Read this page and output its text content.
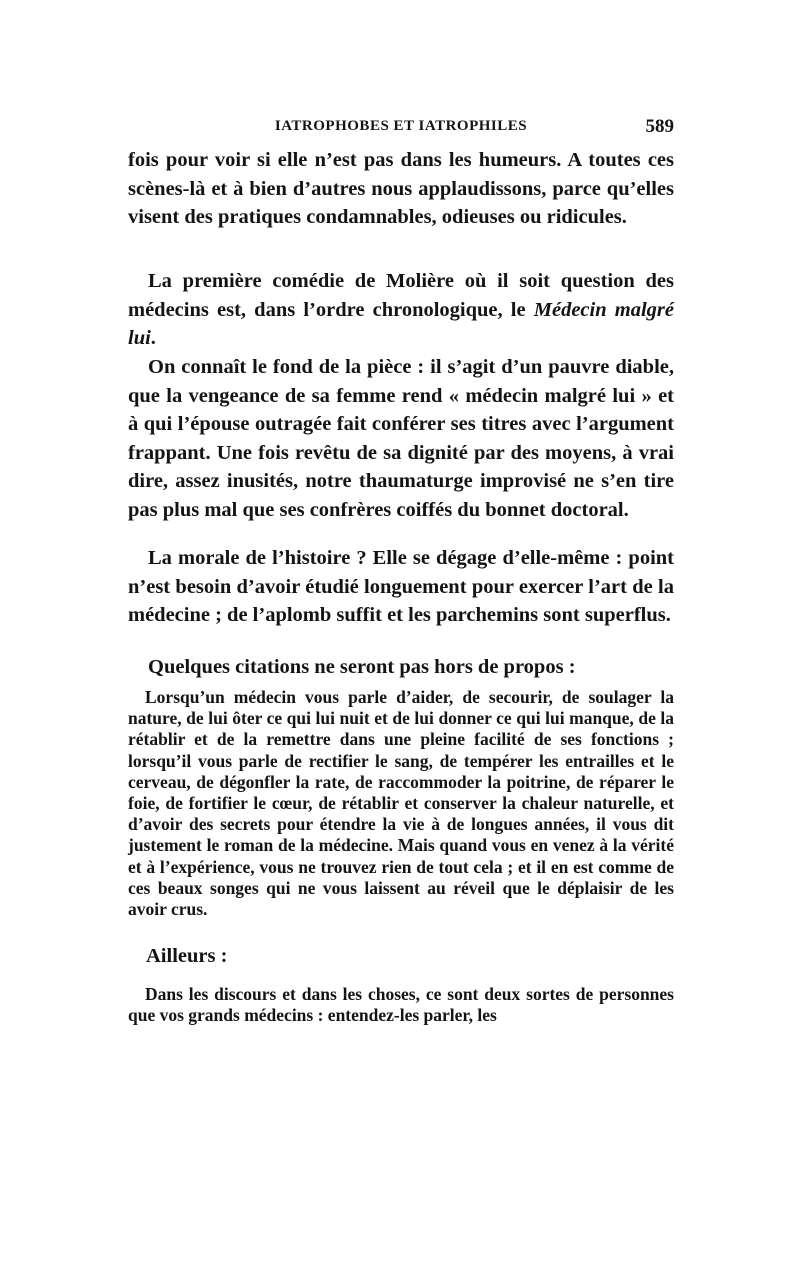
IATROPHOBES ET IATROPHILES	589

fois pour voir si elle n’est pas dans les humeurs. A toutes ces scènes-là et à bien d’autres nous applaudissons, parce qu’elles visent des pratiques condamnables, odieuses ou ridicules.

La première comédie de Molière où il soit question des médecins est, dans l’ordre chronologique, le Médecin malgré lui.

On connaît le fond de la pièce : il s’agit d’un pauvre diable, que la vengeance de sa femme rend « médecin malgré lui » et à qui l’épouse outragée fait conférer ses titres avec l’argument frappant. Une fois revêtu de sa dignité par des moyens, à vrai dire, assez inusités, notre thaumaturge improvisé ne s’en tire pas plus mal que ses confrères coiffés du bonnet doctoral.

La morale de l’histoire ? Elle se dégage d’elle-même : point n’est besoin d’avoir étudié longuement pour exercer l’art de la médecine ; de l’aplomb suffit et les parchemins sont superflus.

Quelques citations ne seront pas hors de propos :

Lorsqu’un médecin vous parle d’aider, de secourir, de soulager la nature, de lui ôter ce qui lui nuit et de lui donner ce qui lui manque, de la rétablir et de la remettre dans une pleine facilité de ses fonctions ; lorsqu’il vous parle de rectifier le sang, de tempérer les entrailles et le cerveau, de dégonfler la rate, de raccommoder la poitrine, de réparer le foie, de fortifier le cœur, de rétablir et conserver la chaleur naturelle, et d’avoir des secrets pour étendre la vie à de longues années, il vous dit justement le roman de la médecine. Mais quand vous en venez à la vérité et à l’expérience, vous ne trouvez rien de tout cela ; et il en est comme de ces beaux songes qui ne vous laissent au réveil que le déplaisir de les avoir crus.

Ailleurs :

Dans les discours et dans les choses, ce sont deux sortes de personnes que vos grands médecins : entendez-les parler, les
